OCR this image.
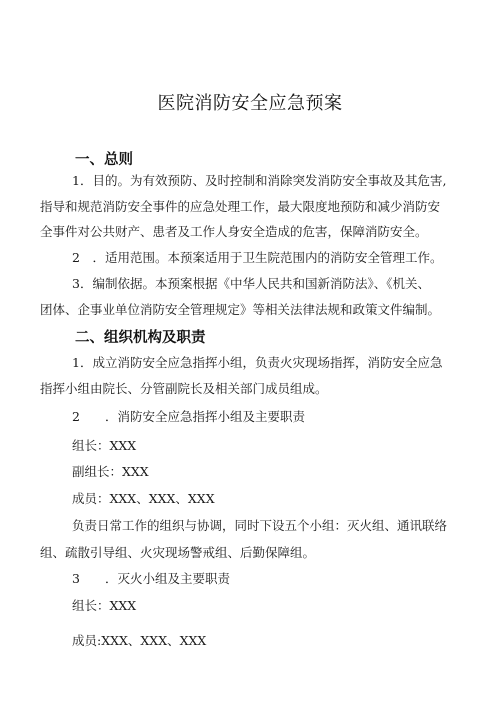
医院消防安全应急预案
一、总则
1．目的。为有效预防、及时控制和消除突发消防安全事故及其危害,
指导和规范消防安全事件的应急处理工作，最大限度地预防和减少消防安
全事件对公共财产、患者及工作人身安全造成的危害，保障消防安全。
2　．适用范围。本预案适用于卫生院范围内的消防安全管理工作。
3．编制依据。本预案根据《中华人民共和国新消防法》、《机关、
团体、企事业单位消防安全管理规定》等相关法律法规和政策文件编制。
二、组织机构及职责
1．成立消防安全应急指挥小组，负责火灾现场指挥，消防安全应急
指挥小组由院长、分管副院长及相关部门成员组成。
2　　．消防安全应急指挥小组及主要职责
组长：XXX
副组长：XXX
成员：XXX、XXX、XXX
负责日常工作的组织与协调，同时下设五个小组：灭火组、通讯联络
组、疏散引导组、火灾现场警戒组、后勤保障组。
3　　．灭火小组及主要职责
组长：XXX
成员:XXX、XXX、XXX
